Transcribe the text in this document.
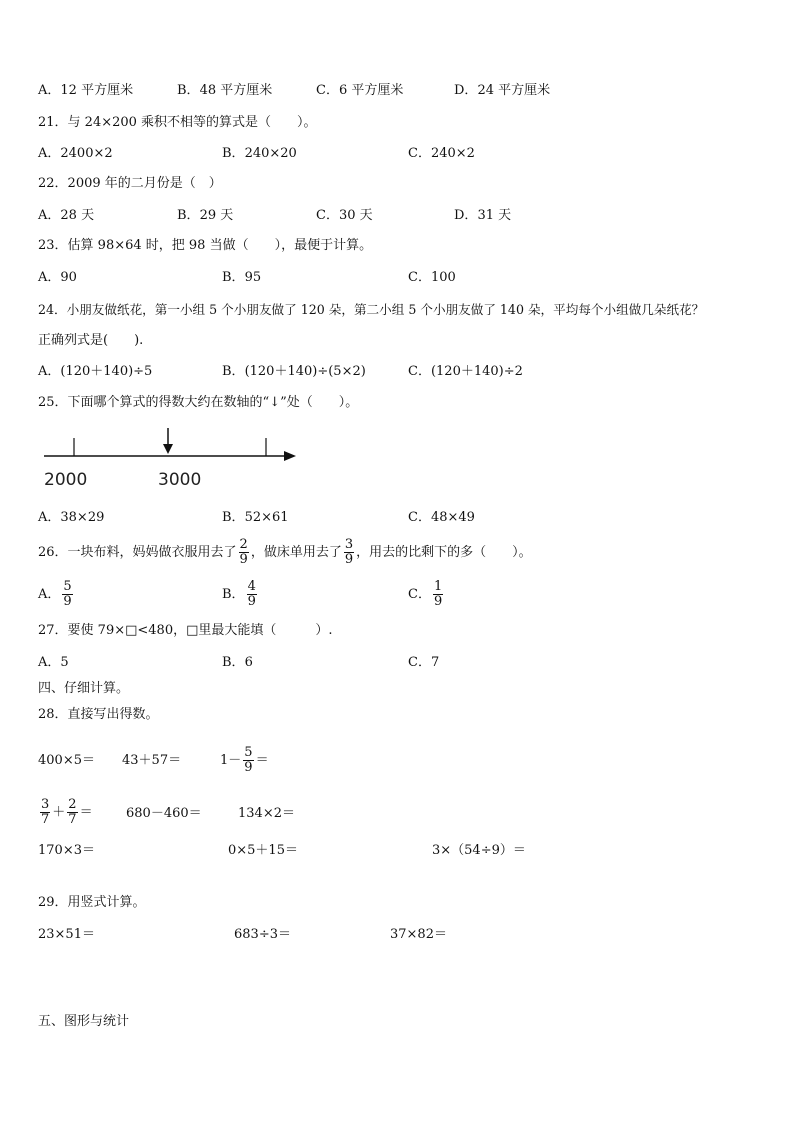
A．12 平方厘米	B．48 平方厘米	C．6 平方厘米	D．24 平方厘米
21．与 24×200 乘积不相等的算式是（　　）。
A．2400×2	B．240×20	C．240×2
22．2009 年的二月份是（　）
A．28 天	B．29 天	C．30 天	D．31 天
23．估算 98×64 时，把 98 当做（　　），最便于计算。
A．90	B．95	C．100
24．小朋友做纸花，第一小组 5 个小朋友做了 120 朵，第二小组 5 个小朋友做了 140 朵，平均每个小组做几朵纸花？
正确列式是(　　).
A．(120＋140)÷5	B．(120＋140)÷(5×2)	C．(120＋140)÷2
25．下面哪个算式的得数大约在数轴的“↓”处（　　）。
2000	3000
A．38×29	B．52×61	C．48×49
26．一块布料，妈妈做衣服用去了 $\frac{2}{9}$ ，做床单用去了 $\frac{3}{9}$ ，用去的比剩下的多（　　）。
A． $\frac{5}{9}$	B． $\frac{4}{9}$	C． $\frac{1}{9}$
27．要使 79×□<480，□里最大能填（　　　）.
A．5	B．6	C．7
四、仔细计算。
28．直接写出得数。
400×5＝ 43＋57＝	$1- \frac{5}{9}$ ＝
$\frac{3}{7} + \frac{2}{7}$ ＝	680－460＝	134×2＝
170×3＝	0×5＋15＝	3×（54÷9）＝
29．用竖式计算。
23×51＝	683÷3＝	37×82＝
五、图形与统计
